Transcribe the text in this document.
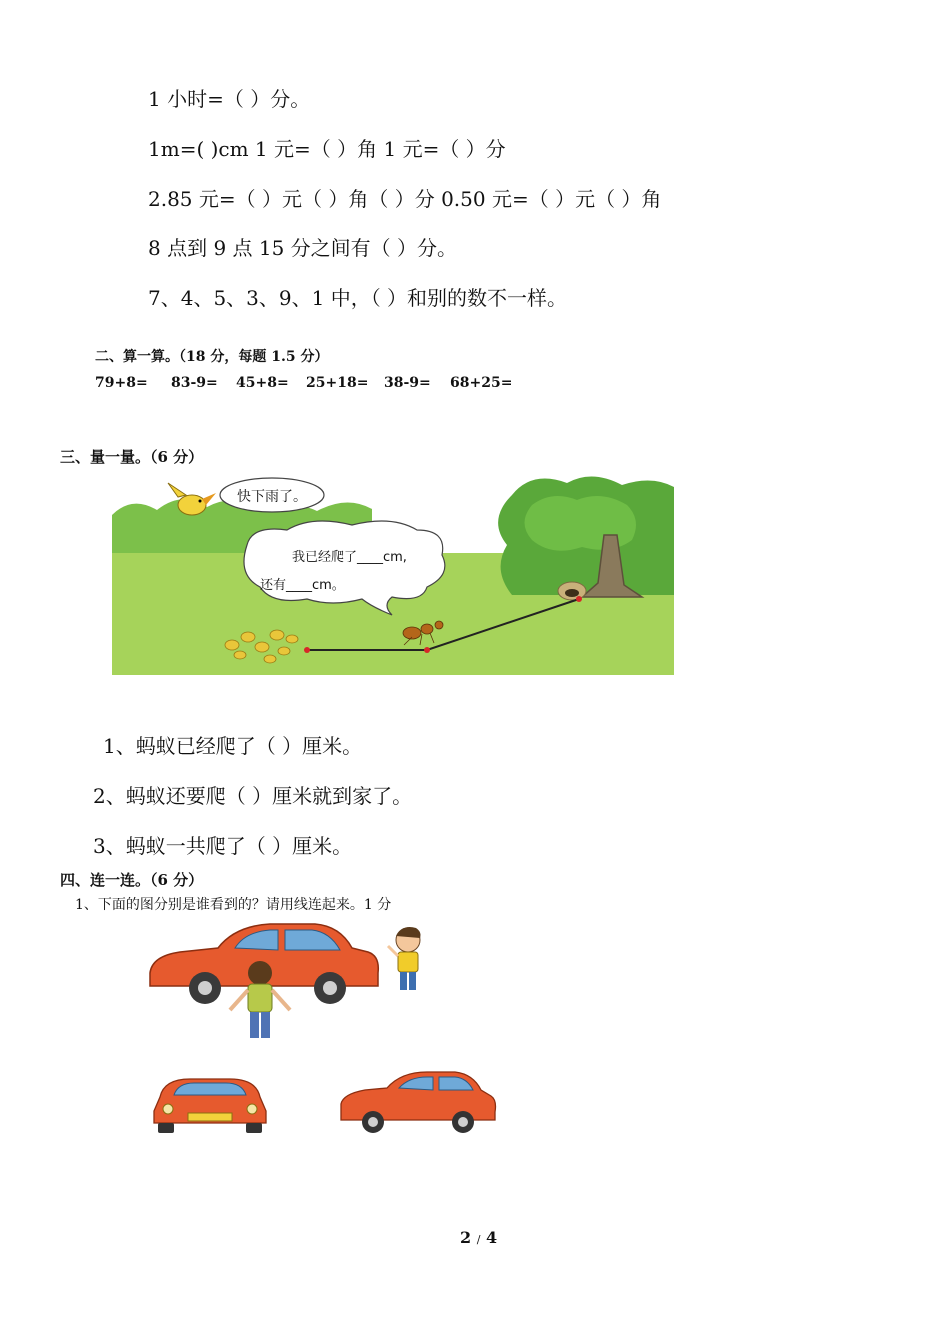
1 小时=（ ）分。
1m=( )cm 1 元=（ ）角 1 元=（ ）分
2.85 元=（ ）元（ ）角（ ）分 0.50 元=（ ）元（ ）角
8 点到 9 点 15 分之间有（ ）分。
7、4、5、3、9、1 中，（ ）和别的数不一样。
二、算一算。（18 分，每题 1.5 分）
79+8= 83-9= 45+8= 25+18= 38-9= 68+25=
三、量一量。（6 分）
快下雨了。
我已经爬了____cm,
还有____cm。
1、蚂蚁已经爬了（ ）厘米。
2、蚂蚁还要爬（ ）厘米就到家了。
3、蚂蚁一共爬了（ ）厘米。
四、连一连。（6 分）
1、下面的图分别是谁看到的？请用线连起来。1 分
2 / 4
